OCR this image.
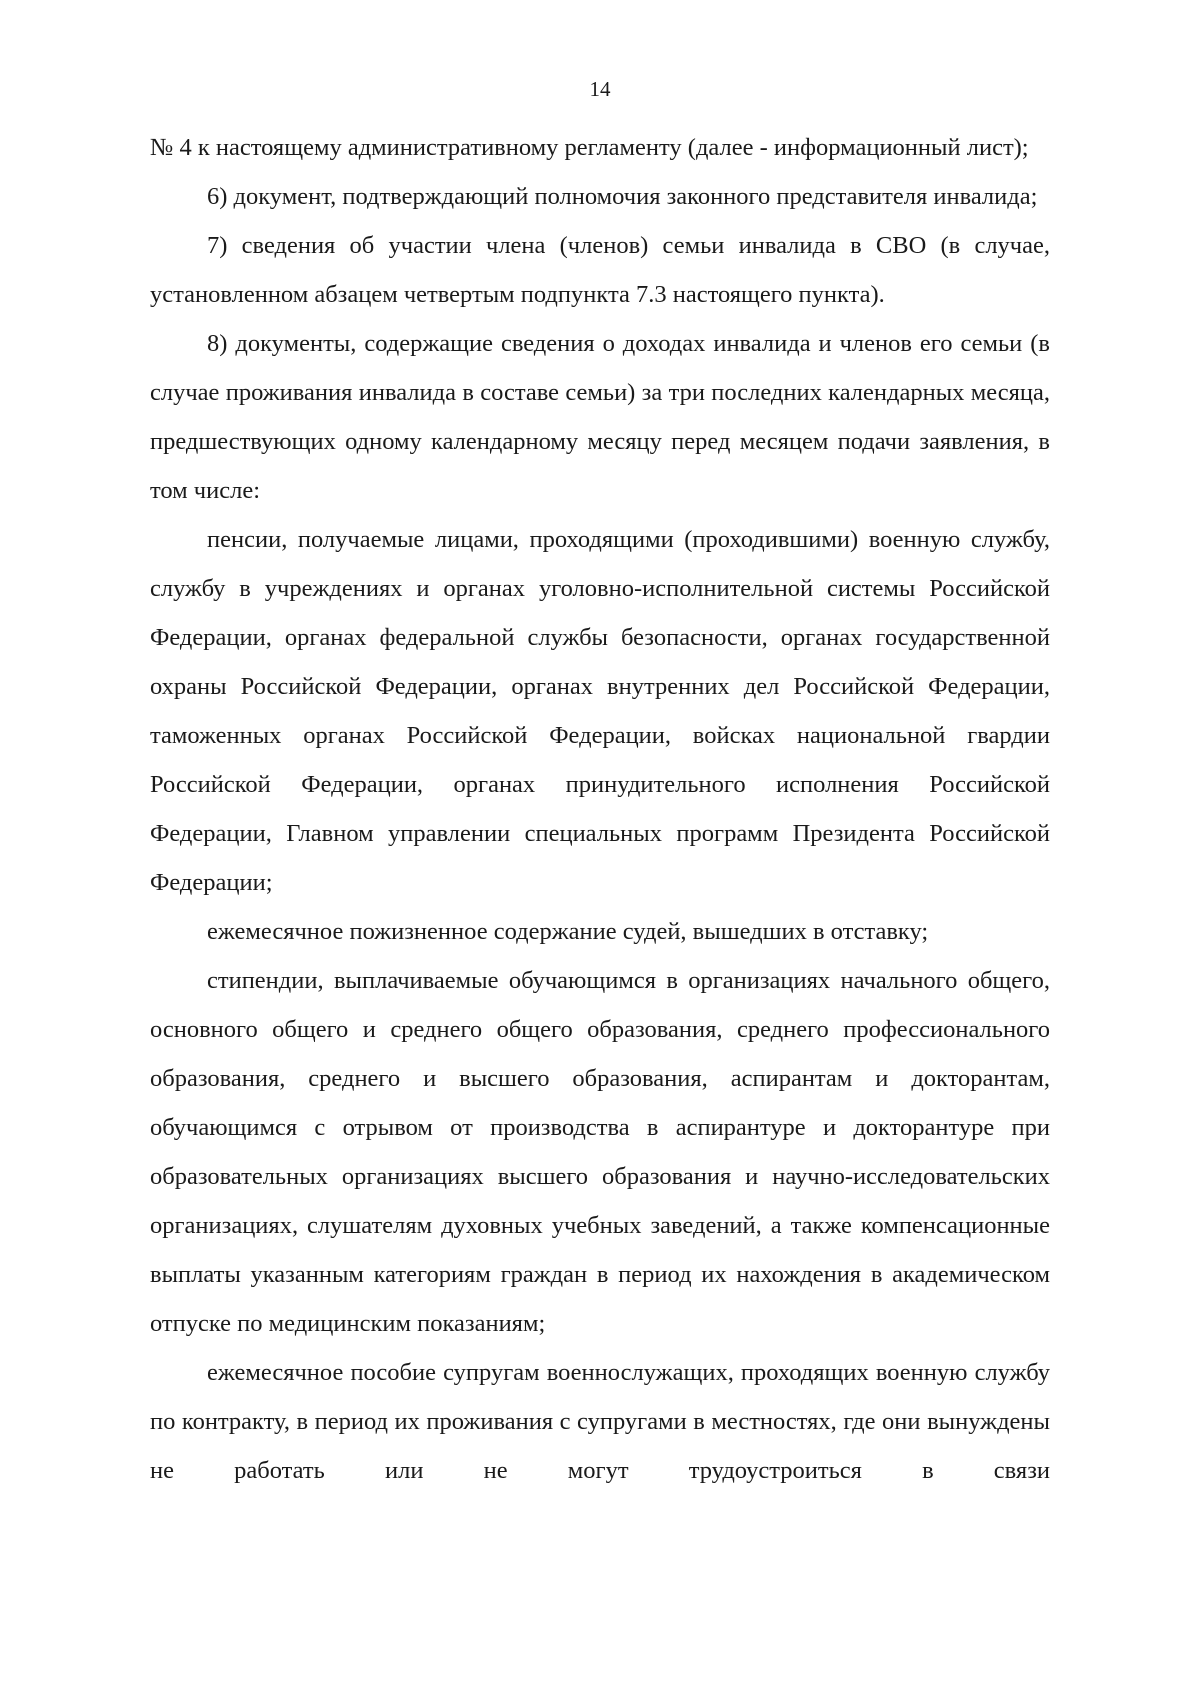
14

№ 4 к настоящему административному регламенту (далее - информационный лист);

6) документ, подтверждающий полномочия законного представителя инвалида;

7) сведения об участии члена (членов) семьи инвалида в СВО (в случае, установленном абзацем четвертым подпункта 7.3 настоящего пункта).

8) документы, содержащие сведения о доходах инвалида и членов его семьи (в случае проживания инвалида в составе семьи) за три последних календарных месяца, предшествующих одному календарному месяцу перед месяцем подачи заявления, в том числе:

пенсии, получаемые лицами, проходящими (проходившими) военную службу, службу в учреждениях и органах уголовно-исполнительной системы Российской Федерации, органах федеральной службы безопасности, органах государственной охраны Российской Федерации, органах внутренних дел Российской Федерации, таможенных органах Российской Федерации, войсках национальной гвардии Российской Федерации, органах принудительного исполнения Российской Федерации, Главном управлении специальных программ Президента Российской Федерации;

ежемесячное пожизненное содержание судей, вышедших в отставку;

стипендии, выплачиваемые обучающимся в организациях начального общего, основного общего и среднего общего образования, среднего профессионального образования, среднего и высшего образования, аспирантам и докторантам, обучающимся с отрывом от производства в аспирантуре и докторантуре при образовательных организациях высшего образования и научно-исследовательских организациях, слушателям духовных учебных заведений, а также компенсационные выплаты указанным категориям граждан в период их нахождения в академическом отпуске по медицинским показаниям;

ежемесячное пособие супругам военнослужащих, проходящих военную службу по контракту, в период их проживания с супругами в местностях, где они вынуждены не работать или не могут трудоустроиться в связи
